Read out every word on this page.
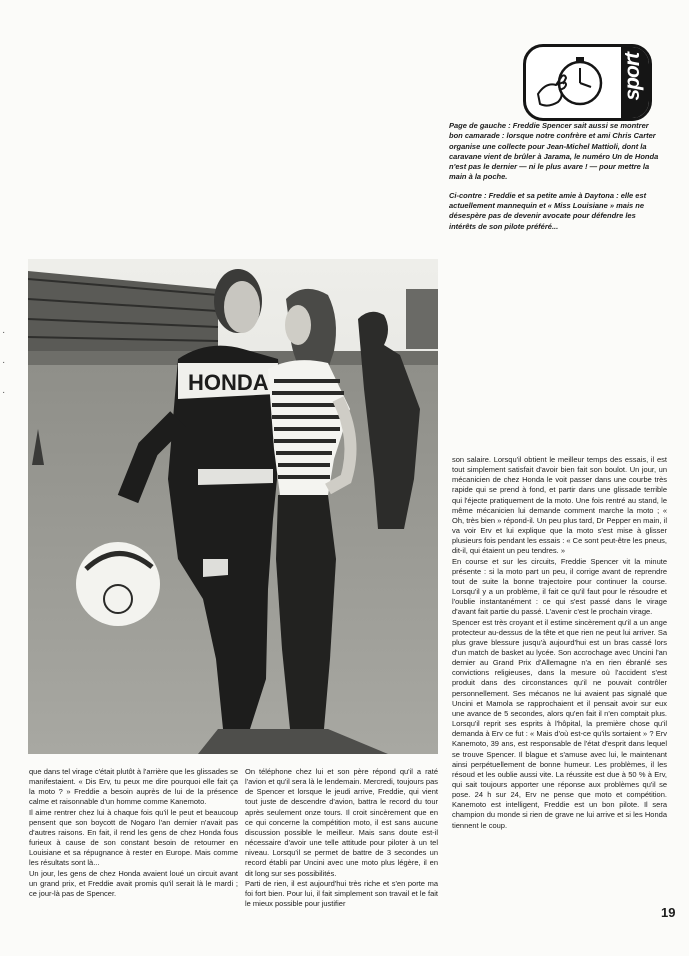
sport

Page de gauche : Freddie Spencer sait aussi se montrer bon camarade : lorsque notre confrère et ami Chris Carter organise une collecte pour Jean-Michel Mattioli, dont la caravane vient de brûler à Jarama, le numéro Un de Honda n'est pas le dernier — ni le plus avare ! — pour mettre la main à la poche.

Ci-contre : Freddie et sa petite amie à Daytona : elle est actuellement mannequin et « Miss Louisiane » mais ne désespère pas de devenir avocate pour défendre les intérêts de son pilote préféré...

·
·
·	HONDA

que dans tel virage c'était plutôt à l'arrière que les glissades se manifestaient. « Dis Erv, tu peux me dire pourquoi elle fait ça la moto ? » Freddie a besoin auprès de lui de la présence calme et raisonnable d'un homme comme Kanemoto.
Il aime rentrer chez lui à chaque fois qu'il le peut et beaucoup pensent que son boycott de Nogaro l'an dernier n'avait pas d'autres raisons. En fait, il rend les gens de chez Honda fous furieux à cause de son constant besoin de retourner en Louisiane et sa répugnance à rester en Europe. Mais comme les résultats sont là...
Un jour, les gens de chez Honda avaient loué un circuit avant un grand prix, et Freddie avait promis qu'il serait là le mardi ; ce jour-là pas de Spencer.

On téléphone chez lui et son père répond qu'il a raté l'avion et qu'il sera là le lendemain. Mercredi, toujours pas de Spencer et lorsque le jeudi arrive, Freddie, qui vient tout juste de descendre d'avion, battra le record du tour après seulement onze tours. Il croit sincèrement que en ce qui concerne la compétition moto, il est sans aucune discussion possible le meilleur. Mais sans doute est-il nécessaire d'avoir une telle attitude pour piloter à un tel niveau. Lorsqu'il se permet de battre de 3 secondes un record établi par Uncini avec une moto plus légère, il en dit long sur ses possibilités.
Parti de rien, il est aujourd'hui très riche et s'en porte ma foi fort bien. Pour lui, il fait simplement son travail et le fait le mieux possible pour justifier

son salaire. Lorsqu'il obtient le meilleur temps des essais, il est tout simplement satisfait d'avoir bien fait son boulot. Un jour, un mécanicien de chez Honda le voit passer dans une courbe très rapide qui se prend à fond, et partir dans une glissade terrible qui l'éjecte pratiquement de la moto. Une fois rentré au stand, le même mécanicien lui demande comment marche la moto ; « Oh, très bien » répond-il. Un peu plus tard, Dr Pepper en main, il va voir Erv et lui explique que la moto s'est mise à glisser plusieurs fois pendant les essais : « Ce sont peut-être les pneus, dit-il, qui étaient un peu tendres. »
En course et sur les circuits, Freddie Spencer vit la minute présente : si la moto part un peu, il corrige avant de reprendre tout de suite la bonne trajectoire pour continuer la course. Lorsqu'il y a un problème, il fait ce qu'il faut pour le résoudre et l'oublie instantanément : ce qui s'est passé dans le virage d'avant fait partie du passé. L'avenir c'est le prochain virage.
Spencer est très croyant et il estime sincèrement qu'il a un ange protecteur au-dessus de la tête et que rien ne peut lui arriver. Sa plus grave blessure jusqu'à aujourd'hui est un bras cassé lors d'un match de basket au lycée. Son accrochage avec Uncini l'an dernier au Grand Prix d'Allemagne n'a en rien ébranlé ses convictions religieuses, dans la mesure où l'accident s'est produit dans des circonstances qu'il ne pouvait contrôler personnellement. Ses mécanos ne lui avaient pas signalé que Uncini et Mamola se rapprochaient et il pensait avoir sur eux une avance de 5 secondes, alors qu'en fait il n'en comptait plus. Lorsqu'il reprit ses esprits à l'hôpital, la première chose qu'il demanda à Erv ce fut : « Mais d'où est-ce qu'ils sortaient » ? Erv Kanemoto, 39 ans, est responsable de l'état d'esprit dans lequel se trouve Spencer. Il blague et s'amuse avec lui, le maintenant ainsi perpétuellement de bonne humeur. Les problèmes, il les résoud et les oublie aussi vite. La réussite est due à 50 % à Erv, qui sait toujours apporter une réponse aux problèmes qu'il se pose. 24 h sur 24, Erv ne pense que moto et compétition. Kanemoto est intelligent, Freddie est un bon pilote. Il sera champion du monde si rien de grave ne lui arrive et si les Honda tiennent le coup.

19
